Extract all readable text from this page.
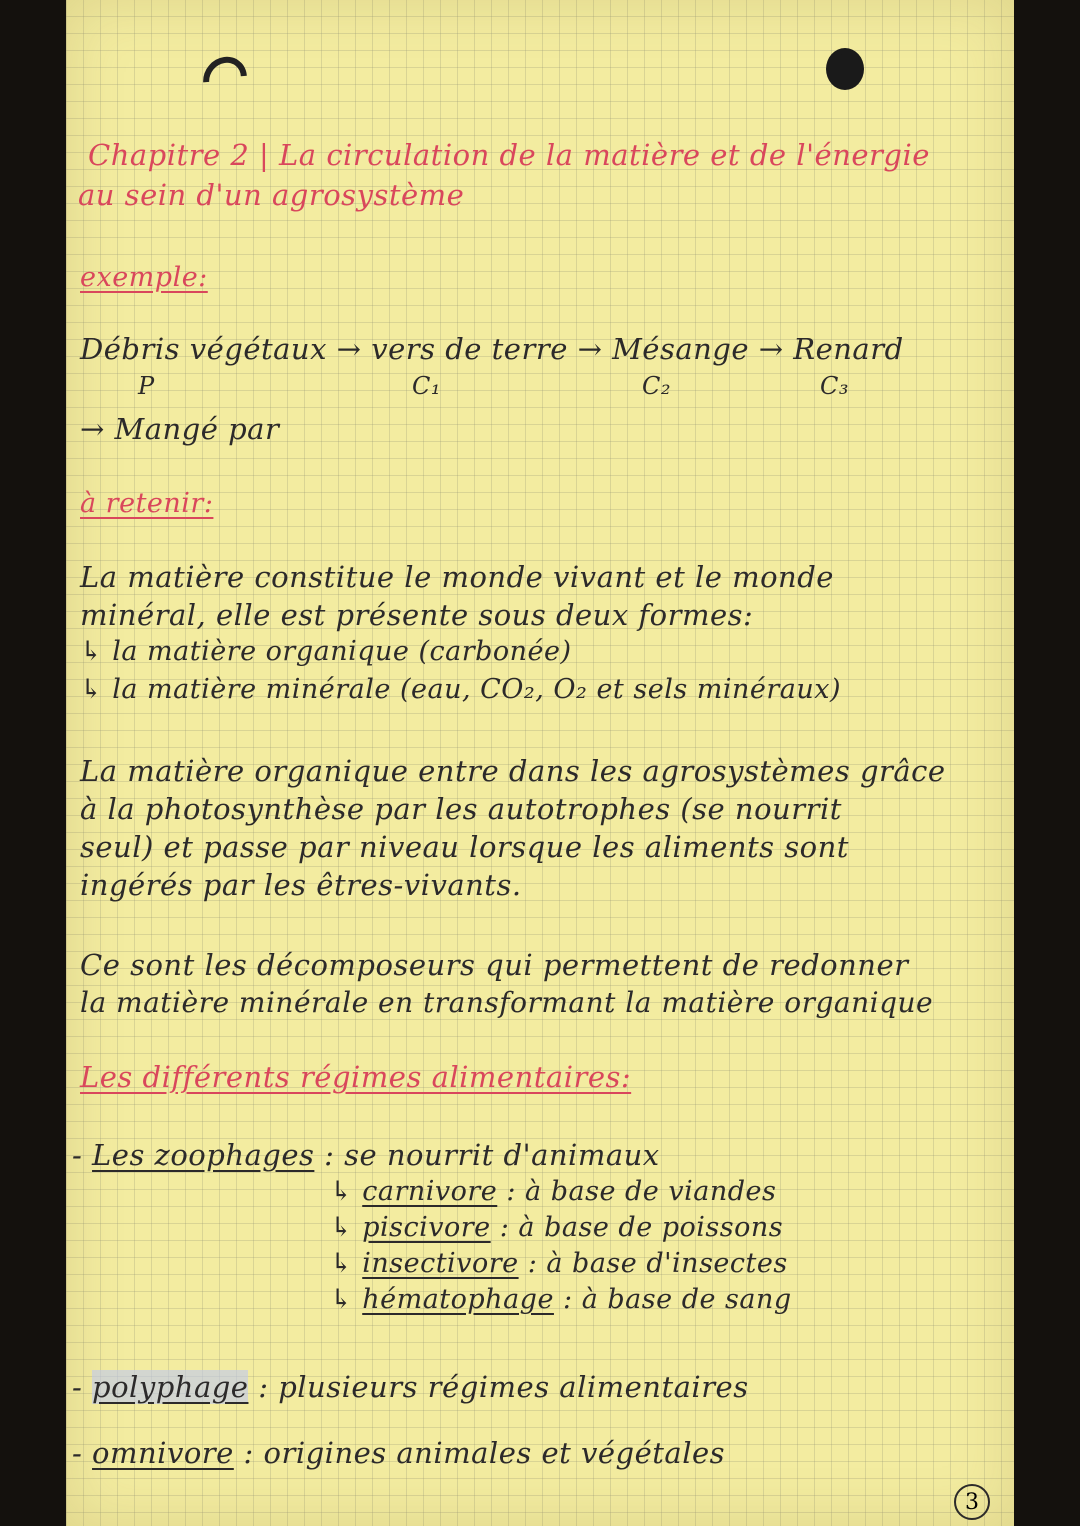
Chapitre 2 | La circulation de la matière et de l'énergie
au sein d'un agrosystème
exemple:
Débris végétaux → vers de terre → Mésange → Renard
P	C₁	C₂	C₃
→ Mangé par
à retenir:
La matière constitue le monde vivant et le monde
minéral, elle est présente sous deux formes:
↳ la matière organique (carbonée)
↳ la matière minérale (eau, CO₂, O₂ et sels minéraux)
La matière organique entre dans les agrosystèmes grâce
à la photosynthèse par les autotrophes (se nourrit
seul) et passe par niveau lorsque les aliments sont
ingérés par les êtres-vivants.
Ce sont les décomposeurs qui permettent de redonner
la matière minérale en transformant la matière organique
Les différents régimes alimentaires:
- Les zoophages : se nourrit d'animaux
↳ carnivore : à base de viandes
↳ piscivore : à base de poissons
↳ insectivore : à base d'insectes
↳ hématophage : à base de sang
- polyphage : plusieurs régimes alimentaires
- omnivore : origines animales et végétales
3
